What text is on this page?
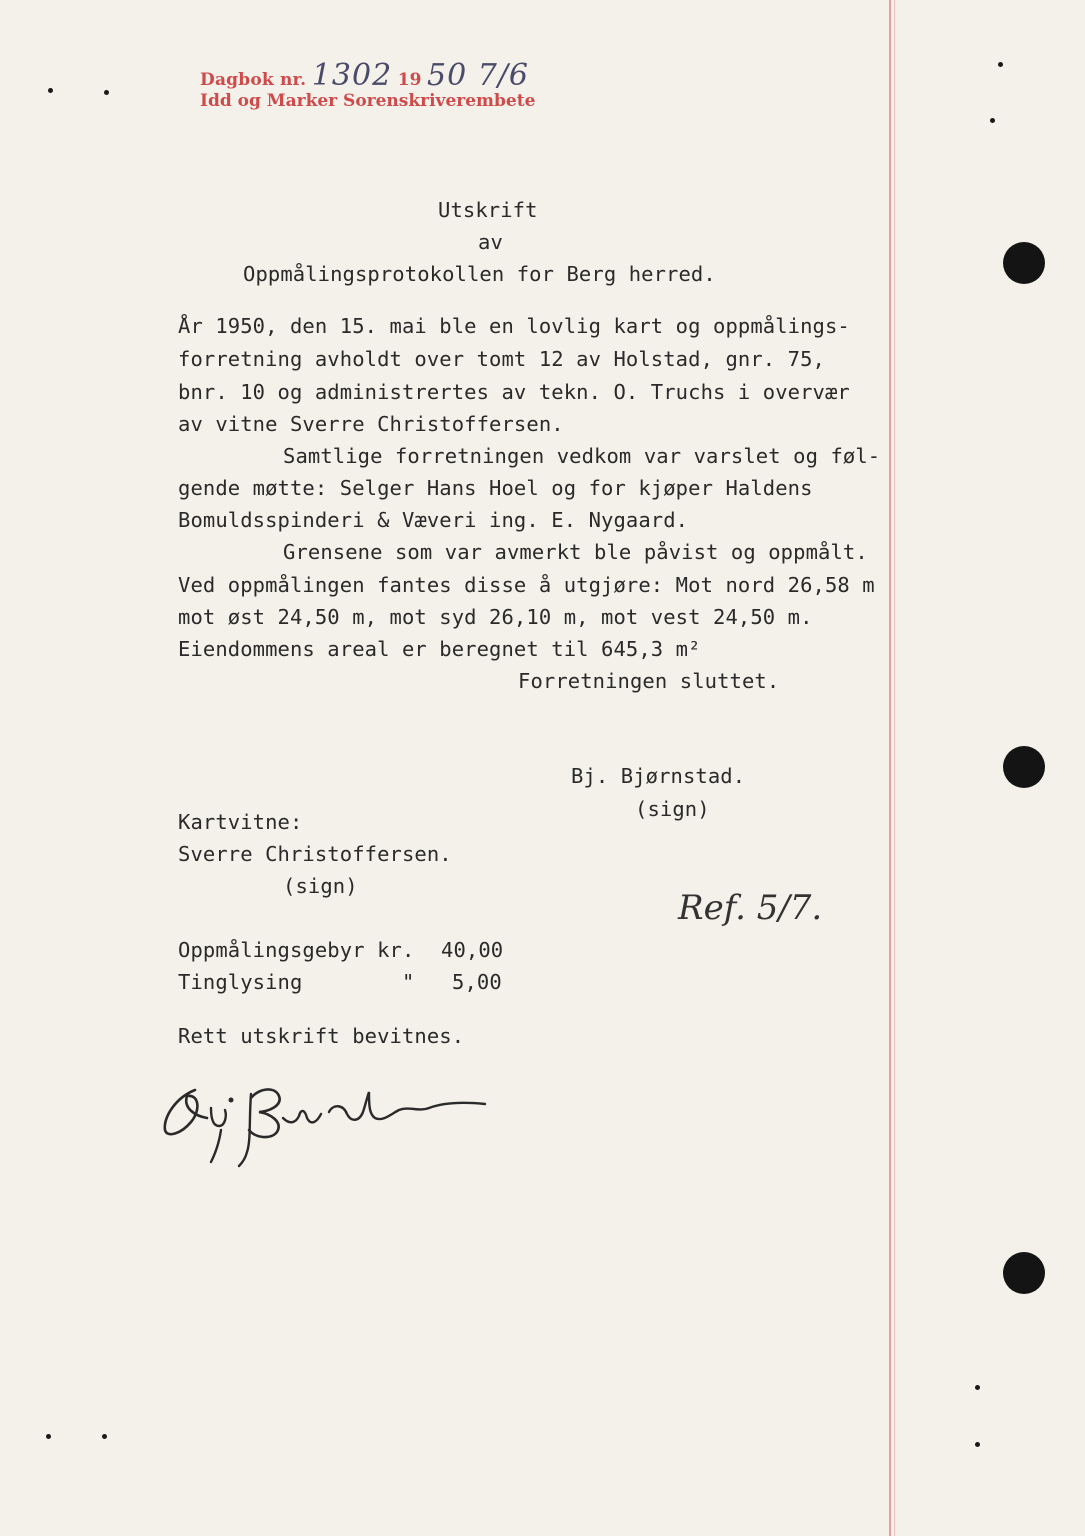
Dagbok nr. 1302 19 50 7/6
Idd og Marker Sorenskriverembete
Utskrift
av
Oppmålingsprotokollen for Berg herred.
År 1950, den 15. mai ble en lovlig kart og oppmålings-
forretning avholdt over tomt 12 av Holstad, gnr. 75,
bnr. 10 og administrertes av tekn. O. Truchs i overvær
av vitne Sverre Christoffersen.
Samtlige forretningen vedkom var varslet og føl-
gende møtte: Selger Hans Hoel og for kjøper Haldens
Bomuldsspinderi & Væveri ing. E. Nygaard.
Grensene som var avmerkt ble påvist og oppmålt.
Ved oppmålingen fantes disse å utgjøre: Mot nord 26,58 m
mot øst 24,50 m, mot syd 26,10 m, mot vest 24,50 m.
Eiendommens areal er beregnet til 645,3 m²
Forretningen sluttet.
Bj. Bjørnstad.
(sign)
Kartvitne:
Sverre Christoffersen.
(sign)
Ref. 5/7.
Oppmålingsgebyr kr. 40,00
Tinglysing        " 5,00
Rett utskrift bevitnes.
